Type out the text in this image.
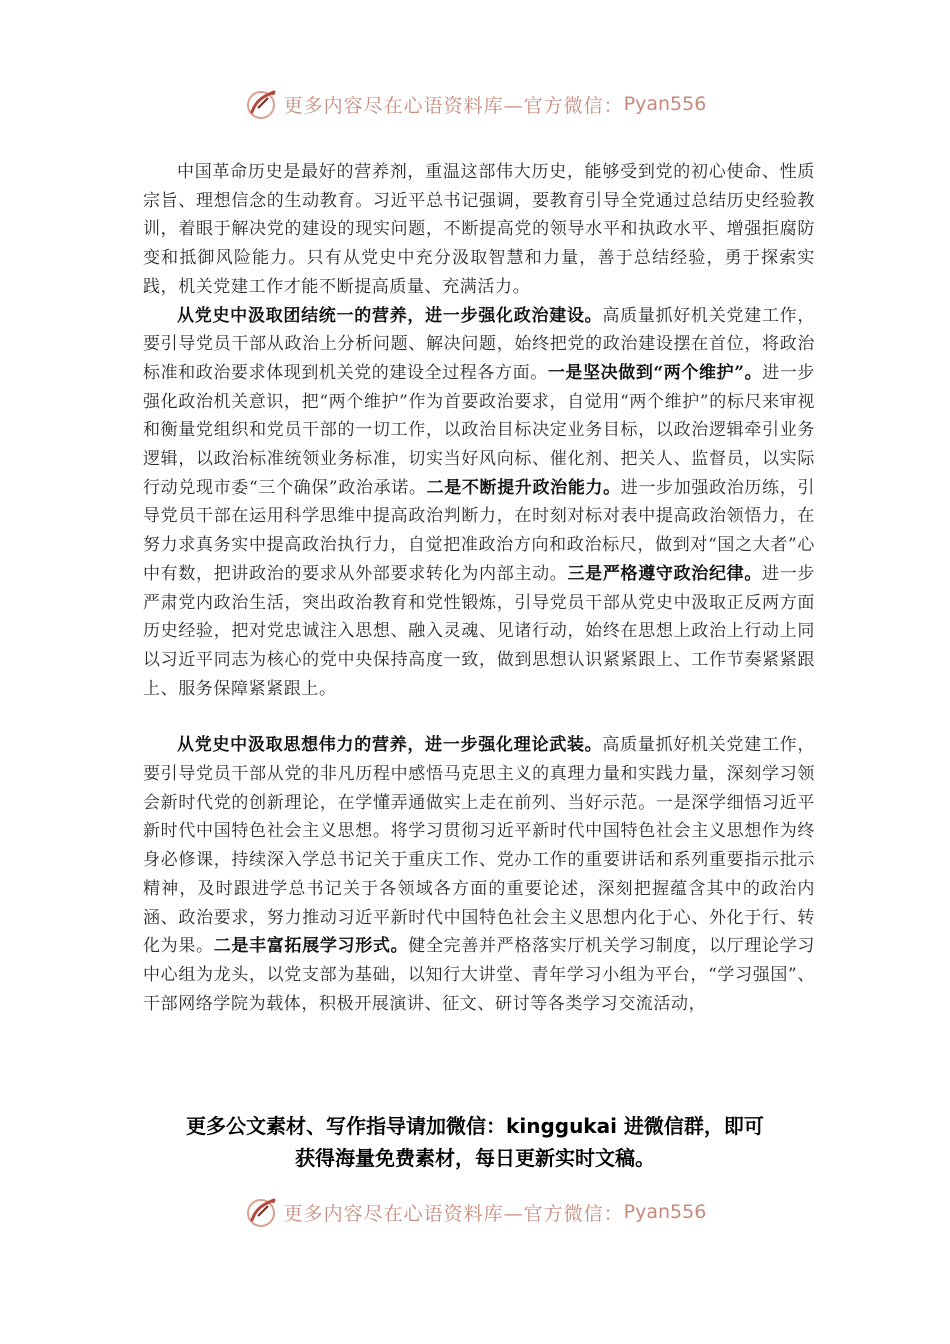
更多内容尽在心语资料库—官方微信： Pyan556

中国革命历史是最好的营养剂，重温这部伟大历史，能够受到党的初心使命、性质宗旨、理想信念的生动教育。习近平总书记强调，要教育引导全党通过总结历史经验教训，着眼于解决党的建设的现实问题，不断提高党的领导水平和执政水平、增强拒腐防变和抵御风险能力。只有从党史中充分汲取智慧和力量，善于总结经验，勇于探索实践，机关党建工作才能不断提高质量、充满活力。

从党史中汲取团结统一的营养，进一步强化政治建设。高质量抓好机关党建工作，要引导党员干部从政治上分析问题、解决问题，始终把党的政治建设摆在首位，将政治标准和政治要求体现到机关党的建设全过程各方面。一是坚决做到“两个维护”。进一步强化政治机关意识，把“两个维护”作为首要政治要求，自觉用“两个维护”的标尺来审视和衡量党组织和党员干部的一切工作，以政治目标决定业务目标，以政治逻辑牵引业务逻辑，以政治标准统领业务标准，切实当好风向标、催化剂、把关人、监督员，以实际行动兑现市委“三个确保”政治承诺。二是不断提升政治能力。进一步加强政治历练，引导党员干部在运用科学思维中提高政治判断力，在时刻对标对表中提高政治领悟力，在努力求真务实中提高政治执行力，自觉把准政治方向和政治标尺，做到对“国之大者”心中有数，把讲政治的要求从外部要求转化为内部主动。三是严格遵守政治纪律。进一步严肃党内政治生活，突出政治教育和党性锻炼，引导党员干部从党史中汲取正反两方面历史经验，把对党忠诚注入思想、融入灵魂、见诸行动，始终在思想上政治上行动上同以习近平同志为核心的党中央保持高度一致，做到思想认识紧紧跟上、工作节奏紧紧跟上、服务保障紧紧跟上。

从党史中汲取思想伟力的营养，进一步强化理论武装。高质量抓好机关党建工作，要引导党员干部从党的非凡历程中感悟马克思主义的真理力量和实践力量，深刻学习领会新时代党的创新理论，在学懂弄通做实上走在前列、当好示范。一是深学细悟习近平新时代中国特色社会主义思想。将学习贯彻习近平新时代中国特色社会主义思想作为终身必修课，持续深入学总书记关于重庆工作、党办工作的重要讲话和系列重要指示批示精神，及时跟进学总书记关于各领域各方面的重要论述，深刻把握蕴含其中的政治内涵、政治要求，努力推动习近平新时代中国特色社会主义思想内化于心、外化于行、转化为果。二是丰富拓展学习形式。健全完善并严格落实厅机关学习制度，以厅理论学习中心组为龙头，以党支部为基础，以知行大讲堂、青年学习小组为平台，“学习强国”、干部网络学院为载体，积极开展演讲、征文、研讨等各类学习交流活动，

更多公文素材、写作指导请加微信：kinggukai 进微信群，即可
获得海量免费素材，每日更新实时文稿。
更多内容尽在心语资料库—官方微信： Pyan556
